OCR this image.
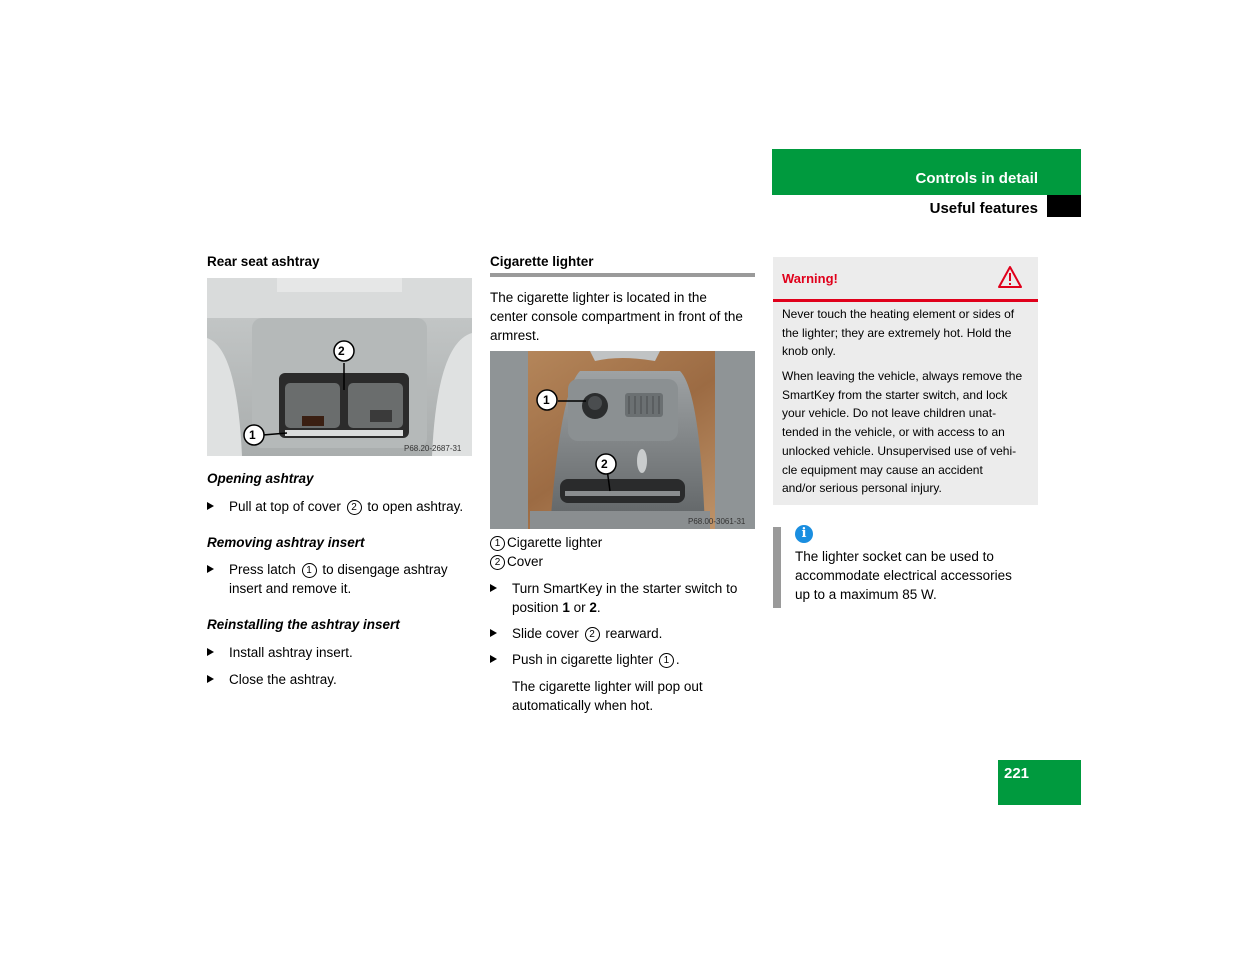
Controls in detail
Useful features
Rear seat ashtray
2
1
P68.20-2687-31
Opening ashtray
Pull at top of cover 2 to open ashtray.
Removing ashtray insert
Press latch 1 to disengage ashtray
insert and remove it.
Reinstalling the ashtray insert
Install ashtray insert.
Close the ashtray.
Cigarette lighter
The cigarette lighter is located in the
center console compartment in front of the
armrest.
1
2
P68.00-3061-31
1 Cigarette lighter
2 Cover
Turn SmartKey in the starter switch to
position 1 or 2.
Slide cover 2 rearward.
Push in cigarette lighter 1 .
The cigarette lighter will pop out
automatically when hot.
Warning!
Never touch the heating element or sides of
the lighter; they are extremely hot. Hold the
knob only.
When leaving the vehicle, always remove the
SmartKey from the starter switch, and lock
your vehicle. Do not leave children unat-
tended in the vehicle, or with access to an
unlocked vehicle. Unsupervised use of vehi-
cle equipment may cause an accident
and/or serious personal injury.
i
The lighter socket can be used to
accommodate electrical accessories
up to a maximum 85 W.
221
